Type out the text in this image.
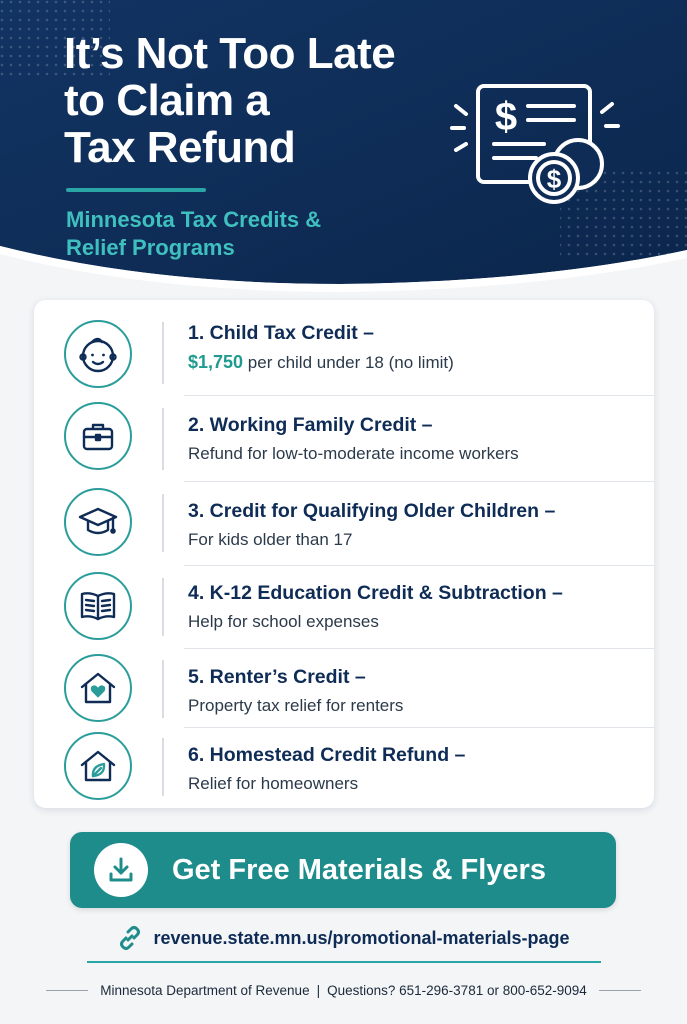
It’s Not Too Late
to Claim a
Tax Refund
Minnesota Tax Credits &
Relief Programs
$
$
1. Child Tax Credit –
$1,750 per child under 18 (no limit)
2. Working Family Credit –
Refund for low-to-moderate income workers
3. Credit for Qualifying Older Children –
For kids older than 17
4. K-12 Education Credit & Subtraction –
Help for school expenses
5. Renter’s Credit –
Property tax relief for renters
6. Homestead Credit Refund –
Relief for homeowners
Get Free Materials & Flyers
revenue.state.mn.us/promotional-materials-page
Minnesota Department of Revenue | Questions? 651-296-3781 or 800-652-9094
